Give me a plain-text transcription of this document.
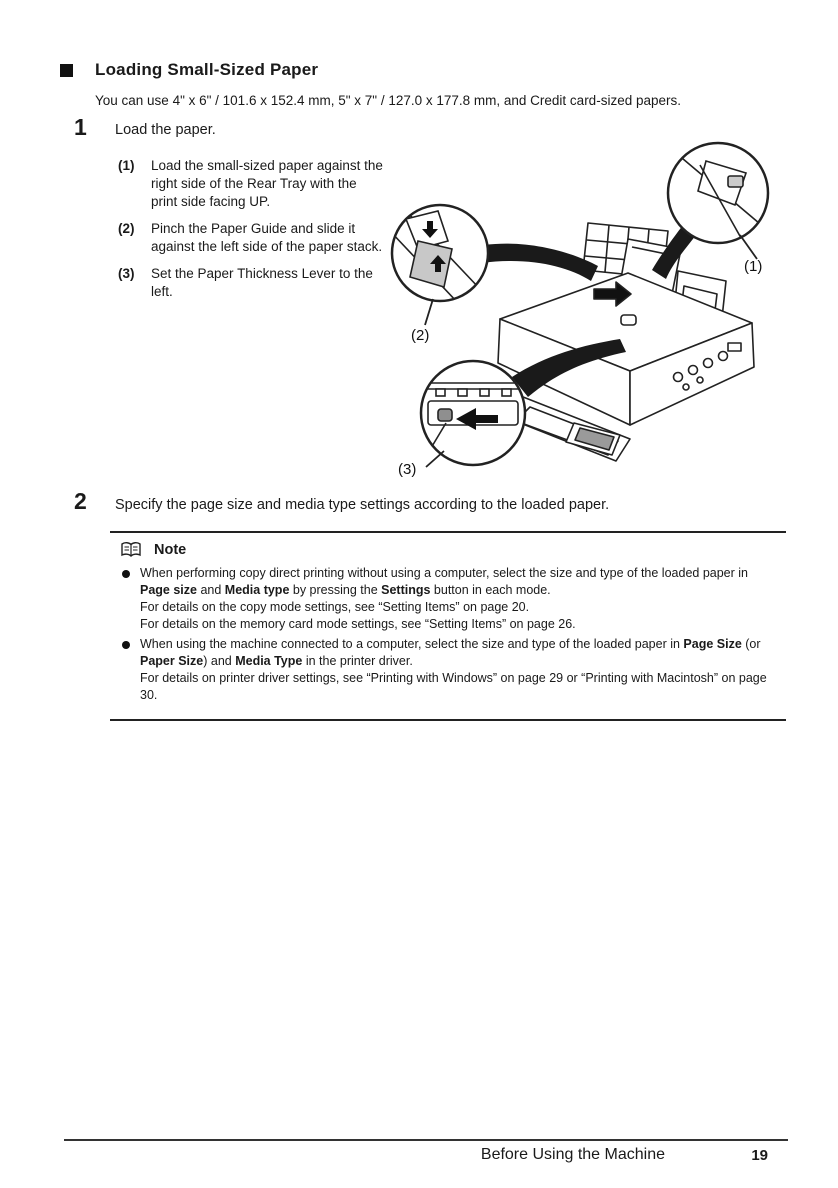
Loading Small-Sized Paper
You can use 4" x 6" / 101.6 x 152.4 mm, 5" x 7" / 127.0 x 177.8 mm, and Credit card-sized papers.
1 Load the paper.
(1)	Load the small-sized paper against the right side of the Rear Tray with the print side facing UP.
(2)	Pinch the Paper Guide and slide it against the left side of the paper stack.
(3)	Set the Paper Thickness Lever to the left.
(1)
(2)
(3)
2 Specify the page size and media type settings according to the loaded paper.
Note
When performing copy direct printing without using a computer, select the size and type of the loaded paper in Page size and Media type by pressing the Settings button in each mode.
For details on the copy mode settings, see “Setting Items” on page 20.
For details on the memory card mode settings, see “Setting Items” on page 26.
When using the machine connected to a computer, select the size and type of the loaded paper in Page Size (or Paper Size) and Media Type in the printer driver.
For details on printer driver settings, see “Printing with Windows” on page 29 or “Printing with Macintosh” on page 30.
Before Using the Machine	19
